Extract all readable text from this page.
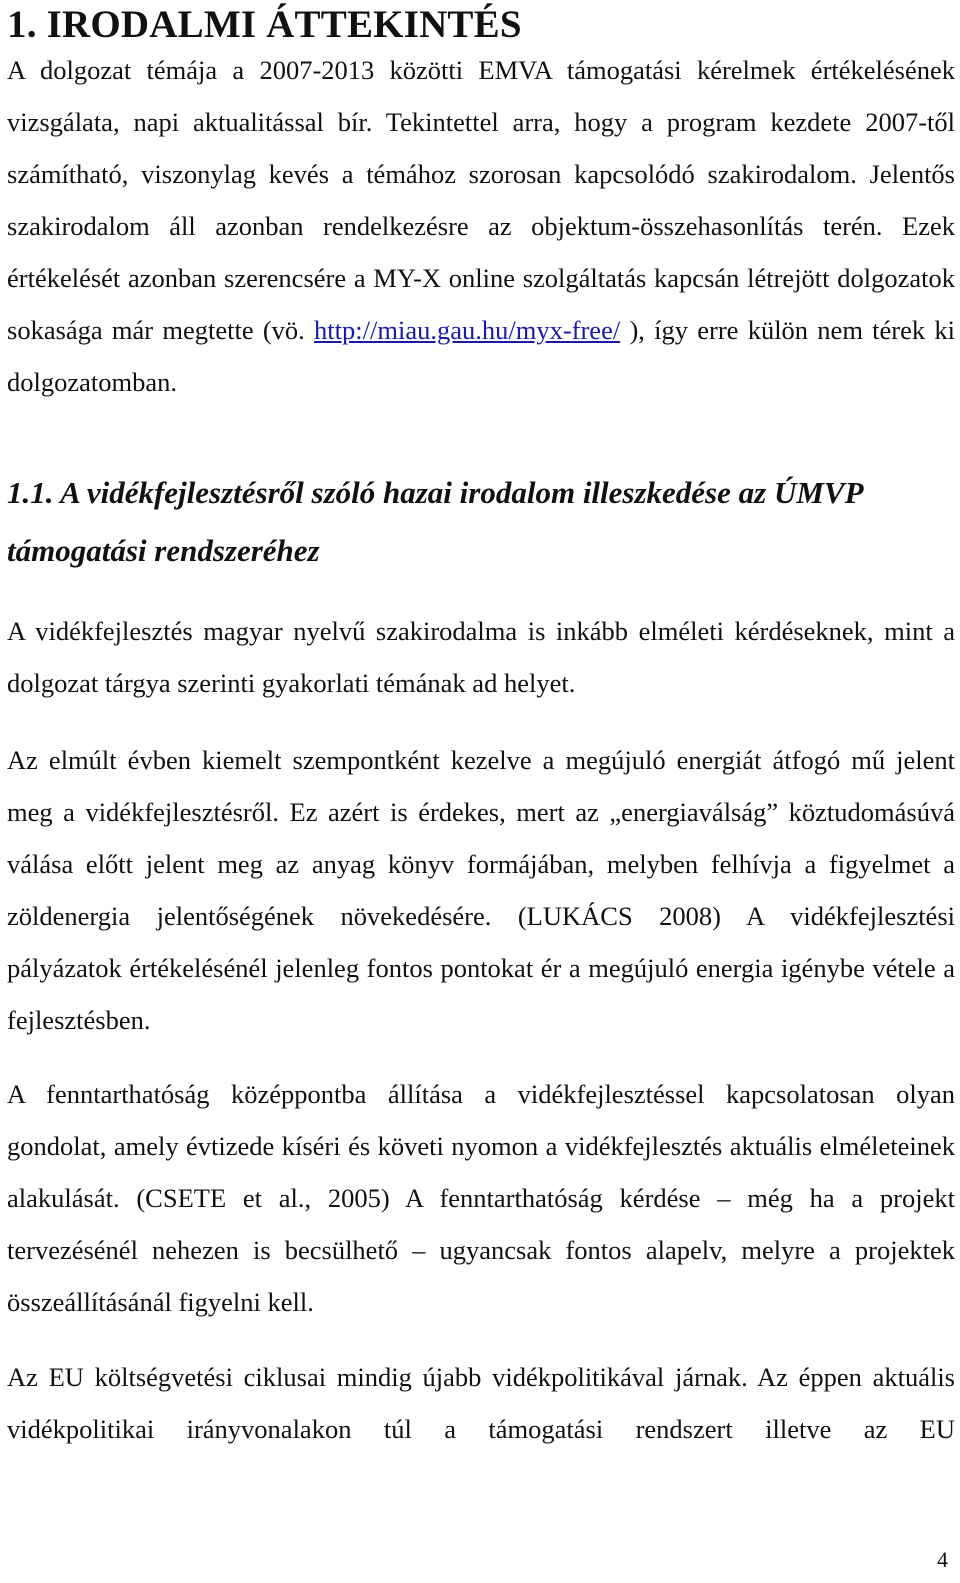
1. IRODALMI ÁTTEKINTÉS

A dolgozat témája a 2007-2013 közötti EMVA támogatási kérelmek értékelésének vizsgálata, napi aktualitással bír. Tekintettel arra, hogy a program kezdete 2007-től számítható, viszonylag kevés a témához szorosan kapcsolódó szakirodalom. Jelentős szakirodalom áll azonban rendelkezésre az objektum-összehasonlítás terén. Ezek értékelését azonban szerencsére a MY-X online szolgáltatás kapcsán létrejött dolgozatok sokasága már megtette (vö. http://miau.gau.hu/myx-free/ ), így erre külön nem térek ki dolgozatomban.

1.1. A vidékfejlesztésről szóló hazai irodalom illeszkedése az ÚMVP támogatási rendszeréhez

A vidékfejlesztés magyar nyelvű szakirodalma is inkább elméleti kérdéseknek, mint a dolgozat tárgya szerinti gyakorlati témának ad helyet.

Az elmúlt évben kiemelt szempontként kezelve a megújuló energiát átfogó mű jelent meg a vidékfejlesztésről. Ez azért is érdekes, mert az „energiaválság” köztudomásúvá válása előtt jelent meg az anyag könyv formájában, melyben felhívja a figyelmet a zöldenergia jelentőségének növekedésére. (LUKÁCS 2008) A vidékfejlesztési pályázatok értékelésénél jelenleg fontos pontokat ér a megújuló energia igénybe vétele a fejlesztésben.

A fenntarthatóság középpontba állítása a vidékfejlesztéssel kapcsolatosan olyan gondolat, amely évtizede kíséri és követi nyomon a vidékfejlesztés aktuális elméleteinek alakulását. (CSETE et al., 2005) A fenntarthatóság kérdése – még ha a projekt tervezésénél nehezen is becsülhető – ugyancsak fontos alapelv, melyre a projektek összeállításánál figyelni kell.

Az EU költségvetési ciklusai mindig újabb vidékpolitikával járnak. Az éppen aktuális vidékpolitikai irányvonalakon túl a támogatási rendszert illetve az EU

4
